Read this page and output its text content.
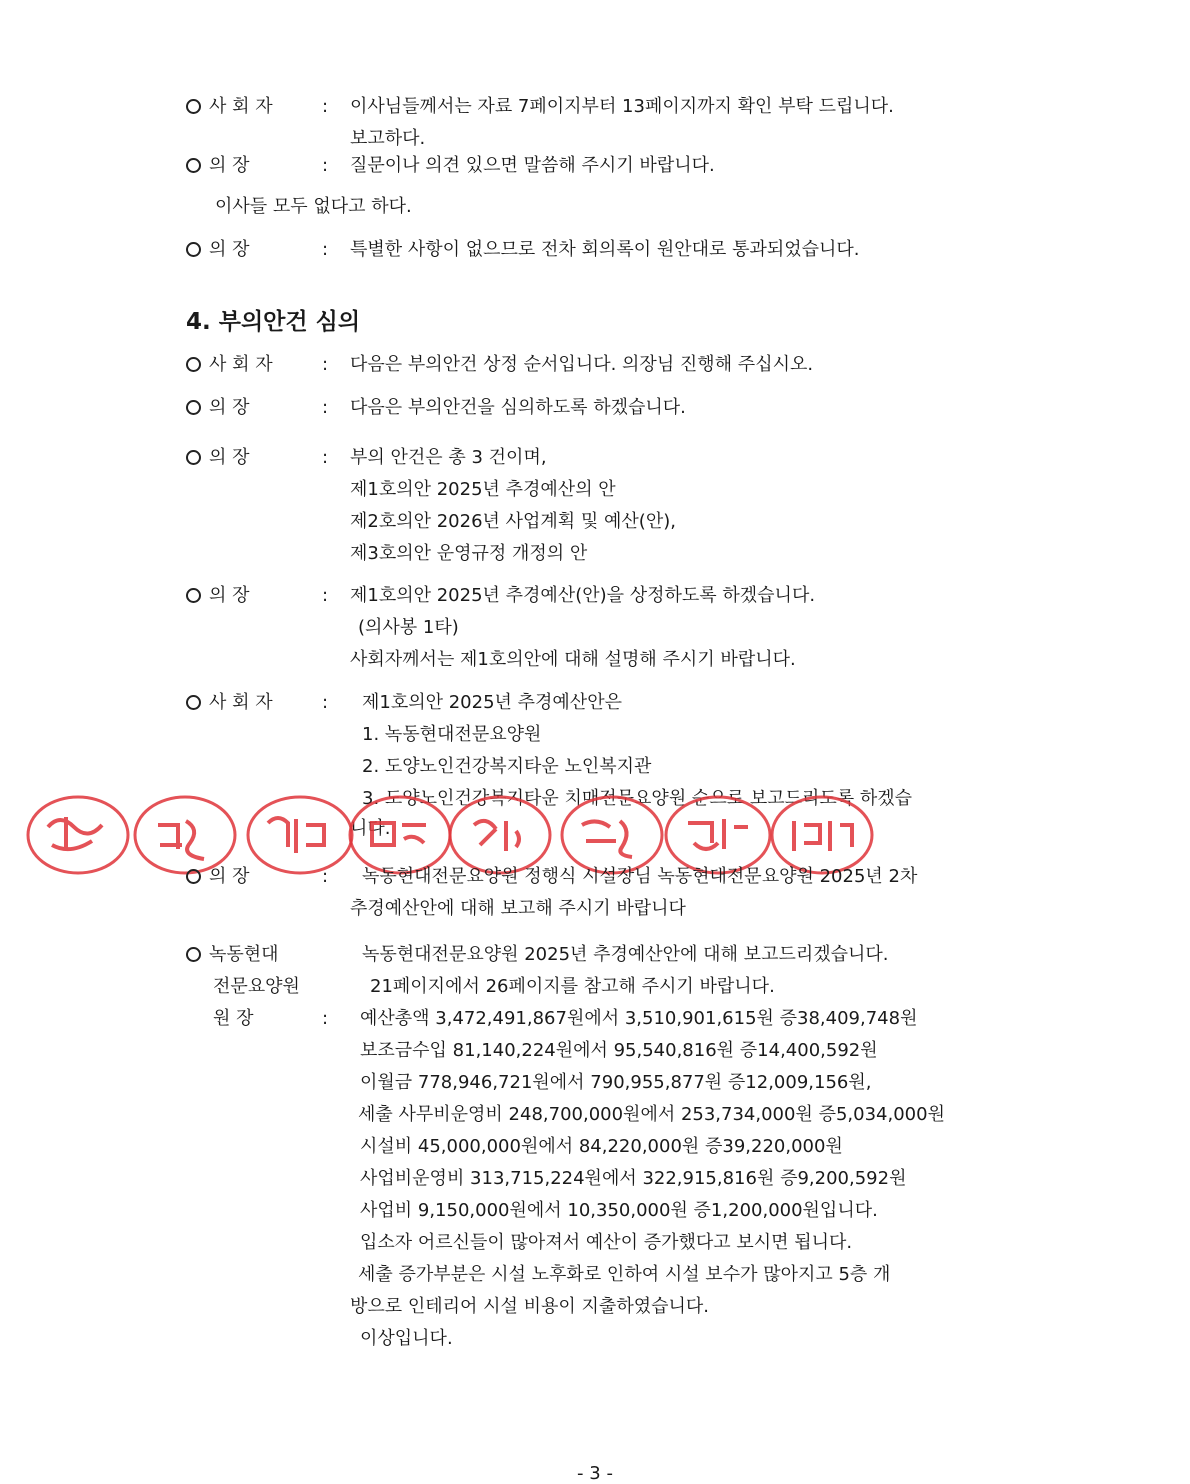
사 회 자	: 이사님들께서는 자료 7페이지부터 13페이지까지 확인 부탁 드립니다.
보고하다.
의 장	: 질문이나 의견 있으면 말씀해 주시기 바랍니다.
이사들 모두 없다고 하다.
의 장	: 특별한 사항이 없으므로 전차 회의록이 원안대로 통과되었습니다.
4. 부의안건 심의
사 회 자	: 다음은 부의안건 상정 순서입니다. 의장님 진행해 주십시오.
의 장	: 다음은 부의안건을 심의하도록 하겠습니다.
의 장	: 부의 안건은 총 3 건이며,
제1호의안 2025년 추경예산의 안
제2호의안 2026년 사업계획 및 예산(안),
제3호의안 운영규정 개정의 안
의 장	: 제1호의안 2025년 추경예산(안)을 상정하도록 하겠습니다.
(의사봉 1타)
사회자께서는 제1호의안에 대해 설명해 주시기 바랍니다.
사 회 자	: 제1호의안 2025년 추경예산안은
1. 녹동현대전문요양원
2. 도양노인건강복지타운 노인복지관
3. 도양노인건강복지타운 치매전문요양원 순으로 보고드리도록 하겠습
니다.
의 장	: 녹동현대전문요양원 정행식 시설장님 녹동현대전문요양원 2025년 2차
추경예산안에 대해 보고해 주시기 바랍니다
녹동현대
전문요양원
원 장	:
녹동현대전문요양원 2025년 추경예산안에 대해 보고드리겠습니다.
21페이지에서 26페이지를 참고해 주시기 바랍니다.
예산총액 3,472,491,867원에서 3,510,901,615원 증38,409,748원
보조금수입 81,140,224원에서 95,540,816원 증14,400,592원
이월금 778,946,721원에서 790,955,877원 증12,009,156원,
세출 사무비운영비 248,700,000원에서 253,734,000원 증5,034,000원
시설비 45,000,000원에서 84,220,000원 증39,220,000원
사업비운영비 313,715,224원에서 322,915,816원 증9,200,592원
사업비 9,150,000원에서 10,350,000원 증1,200,000원입니다.
입소자 어르신들이 많아져서 예산이 증가했다고 보시면 됩니다.
세출 증가부분은 시설 노후화로 인하여 시설 보수가 많아지고 5층 개
방으로 인테리어 시설 비용이 지출하였습니다.
이상입니다.
- 3 -
